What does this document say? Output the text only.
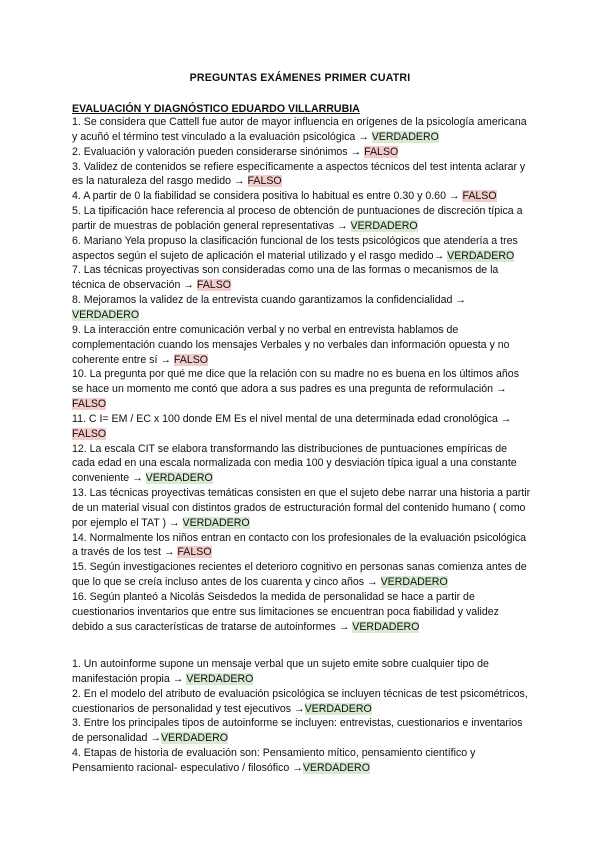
PREGUNTAS EXÁMENES PRIMER CUATRI
EVALUACIÓN Y DIAGNÓSTICO EDUARDO VILLARRUBIA

1. Se considera que Cattell fue autor de mayor influencia en orígenes de la psicología americana y acuñó el término test vinculado a la evaluación psicológica → VERDADERO

2. Evaluación y valoración pueden considerarse sinónimos → FALSO

3. Validez de contenidos se refiere específicamente a aspectos técnicos del test intenta aclarar y es la naturaleza del rasgo medido → FALSO

4. A partir de 0 la fiabilidad se considera positiva lo habitual es entre 0.30 y 0.60 → FALSO

5. La tipificación hace referencia al proceso de obtención de puntuaciones de discreción típica a partir de muestras de población general representativas → VERDADERO

6. Mariano Yela propuso la clasificación funcional de los tests psicológicos que atendería a tres aspectos según el sujeto de aplicación el material utilizado y el rasgo medido→ VERDADERO

7. Las técnicas proyectivas son consideradas como una de las formas o mecanismos de la técnica de observación → FALSO

8. Mejoramos la validez de la entrevista cuando garantizamos la confidencialidad → VERDADERO

9. La interacción entre comunicación verbal y no verbal en entrevista hablamos de complementación cuando los mensajes Verbales y no verbales dan información opuesta y no coherente entre sí → FALSO

10. La pregunta por qué me dice que la relación con su madre no es buena en los últimos años se hace un momento me contó que adora a sus padres es una pregunta de reformulación → FALSO

11. C I= EM / EC x 100 donde EM Es el nivel mental de una determinada edad cronológica → FALSO

12. La escala CIT se elabora transformando las distribuciones de puntuaciones empíricas de cada edad en una escala normalizada con media 100 y desviación típica igual a una constante conveniente → VERDADERO

13. Las técnicas proyectivas temáticas consisten en que el sujeto debe narrar una historia a partir de un material visual con distintos grados de estructuración formal del contenido humano ( como por ejemplo el TAT ) → VERDADERO

14. Normalmente los niños entran en contacto con los profesionales de la evaluación psicológica a través de los test → FALSO

15. Según investigaciones recientes el deterioro cognitivo en personas sanas comienza antes de que lo que se creía incluso antes de los cuarenta y cinco años → VERDADERO

16. Según planteó a Nicolás Seisdedos la medida de personalidad se hace a partir de cuestionarios inventarios que entre sus limitaciones se encuentran poca fiabilidad y validez debido a sus características de tratarse de autoinformes → VERDADERO

1. Un autoinforme supone un mensaje verbal que un sujeto emite sobre cualquier tipo de manifestación propia → VERDADERO

2. En el modelo del atributo de evaluación psicológica se incluyen técnicas de test psicométricos, cuestionarios de personalidad y test ejecutivos →VERDADERO

3. Entre los principales tipos de autoinforme se incluyen: entrevistas, cuestionarios e inventarios de personalidad →VERDADERO

4. Etapas de historia de evaluación son: Pensamiento mítico, pensamiento científico y Pensamiento racional- especulativo / filosófico →VERDADERO
